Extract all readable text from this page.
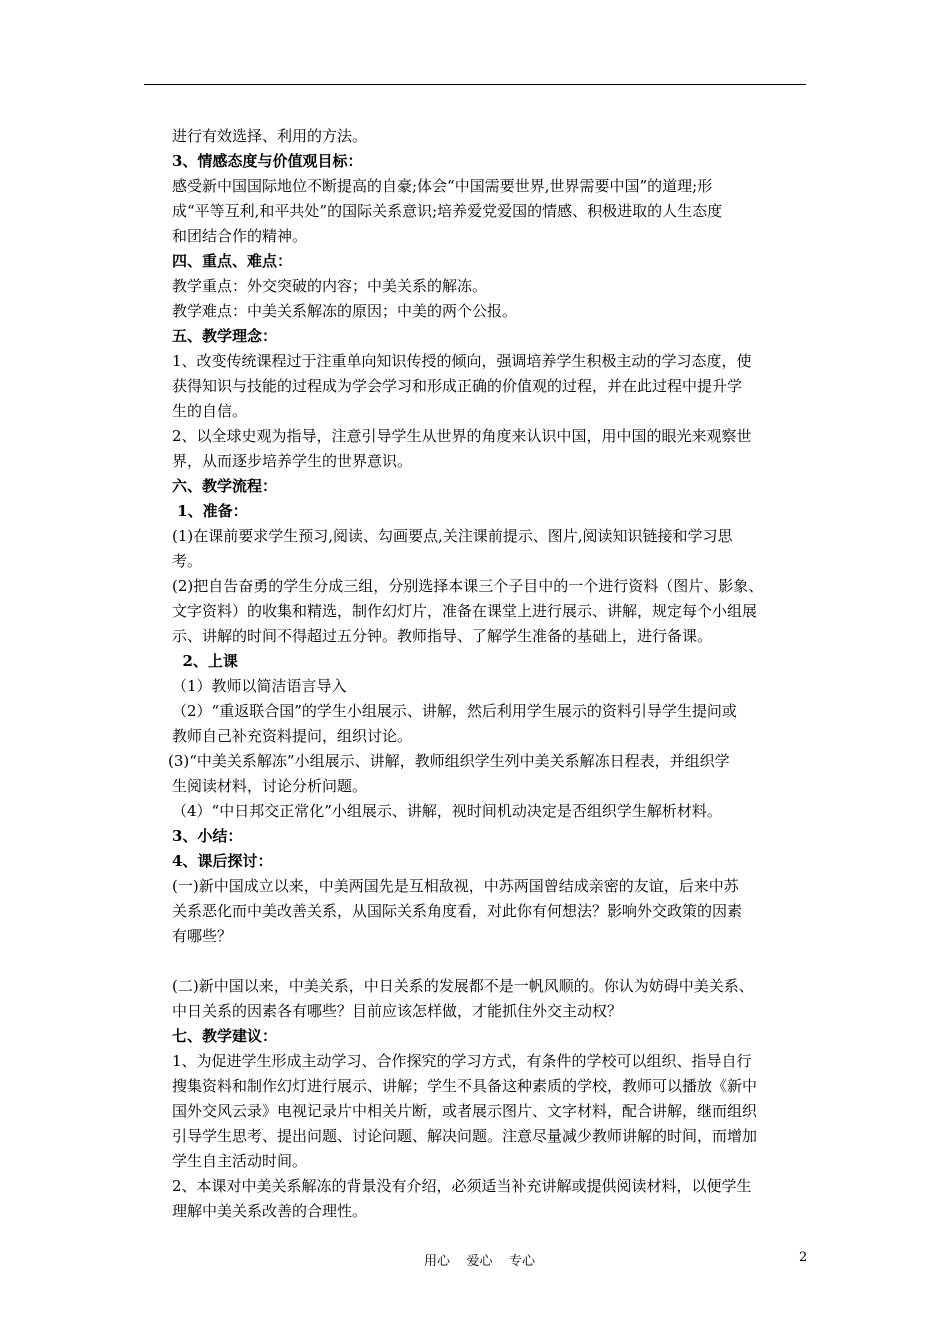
进行有效选择、利用的方法。
3、情感态度与价值观目标：
感受新中国国际地位不断提高的自豪;体会“中国需要世界,世界需要中国”的道理;形
成“平等互利,和平共处”的国际关系意识;培养爱党爱国的情感、积极进取的人生态度
和团结合作的精神。
四、重点、难点：
教学重点：外交突破的内容；中美关系的解冻。
教学难点：中美关系解冻的原因；中美的两个公报。
五、教学理念：
1、改变传统课程过于注重单向知识传授的倾向，强调培养学生积极主动的学习态度，使
获得知识与技能的过程成为学会学习和形成正确的价值观的过程，并在此过程中提升学
生的自信。
2、以全球史观为指导，注意引导学生从世界的角度来认识中国，用中国的眼光来观察世
界，从而逐步培养学生的世界意识。
六、教学流程：
1、准备：
(1)在课前要求学生预习,阅读、勾画要点,关注课前提示、图片,阅读知识链接和学习思
考。
(2)把自告奋勇的学生分成三组，分别选择本课三个子目中的一个进行资料（图片、影象、
文字资料）的收集和精选，制作幻灯片，准备在课堂上进行展示、讲解，规定每个小组展
示、讲解的时间不得超过五分钟。教师指导、了解学生准备的基础上，进行备课。
2、上课
（1）教师以简洁语言导入
（2）“重返联合国”的学生小组展示、讲解，然后利用学生展示的资料引导学生提问或
教师自己补充资料提问，组织讨论。
(3)“中美关系解冻”小组展示、讲解，教师组织学生列中美关系解冻日程表，并组织学
生阅读材料，讨论分析问题。
（4）“中日邦交正常化”小组展示、讲解，视时间机动决定是否组织学生解析材料。
3、小结：
4、课后探讨：
(一)新中国成立以来，中美两国先是互相敌视，中苏两国曾结成亲密的友谊，后来中苏
关系恶化而中美改善关系，从国际关系角度看，对此你有何想法？影响外交政策的因素
有哪些？
(二)新中国以来，中美关系，中日关系的发展都不是一帆风顺的。你认为妨碍中美关系、
中日关系的因素各有哪些？目前应该怎样做，才能抓住外交主动权？
七、教学建议：
1、为促进学生形成主动学习、合作探究的学习方式，有条件的学校可以组织、指导自行
搜集资料和制作幻灯进行展示、讲解；学生不具备这种素质的学校，教师可以播放《新中
国外交风云录》电视记录片中相关片断，或者展示图片、文字材料，配合讲解，继而组织
引导学生思考、提出问题、讨论问题、解决问题。注意尽量减少教师讲解的时间，而增加
学生自主活动时间。
2、本课对中美关系解冻的背景没有介绍，必须适当补充讲解或提供阅读材料，以便学生
理解中美关系改善的合理性。
用心    爱心    专心	2
